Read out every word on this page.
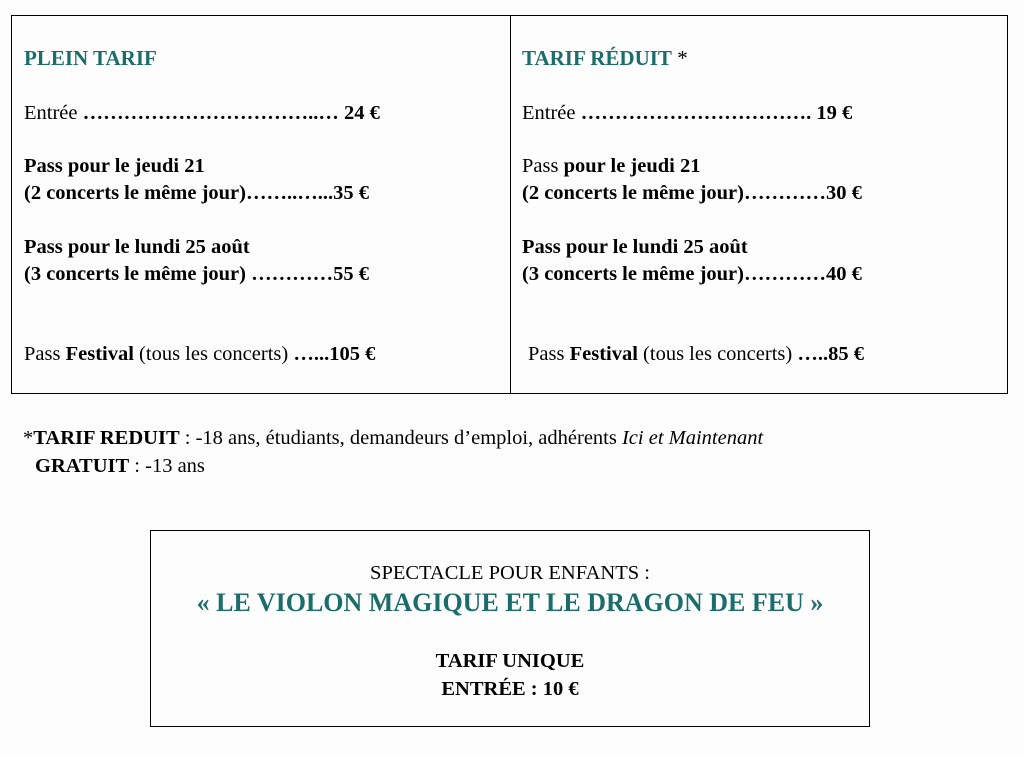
PLEIN TARIF
Entrée ……………………………..… 24 €
Pass pour le jeudi 21
(2 concerts le même jour)……..…...35 €
Pass pour le lundi 25 août
(3 concerts le même jour) …………55 €
Pass Festival (tous les concerts) …...105 €
TARIF RÉDUIT *
Entrée ……………………………. 19 €
Pass pour le jeudi 21
(2 concerts le même jour)…………30 €
Pass pour le lundi 25 août
(3 concerts le même jour)…………40 €
Pass Festival (tous les concerts) …..85 €
*TARIF REDUIT : -18 ans, étudiants, demandeurs d’emploi, adhérents Ici et Maintenant
GRATUIT : -13 ans
SPECTACLE POUR ENFANTS :
« LE VIOLON MAGIQUE ET LE DRAGON DE FEU »
TARIF UNIQUE
ENTRÉE : 10 €
